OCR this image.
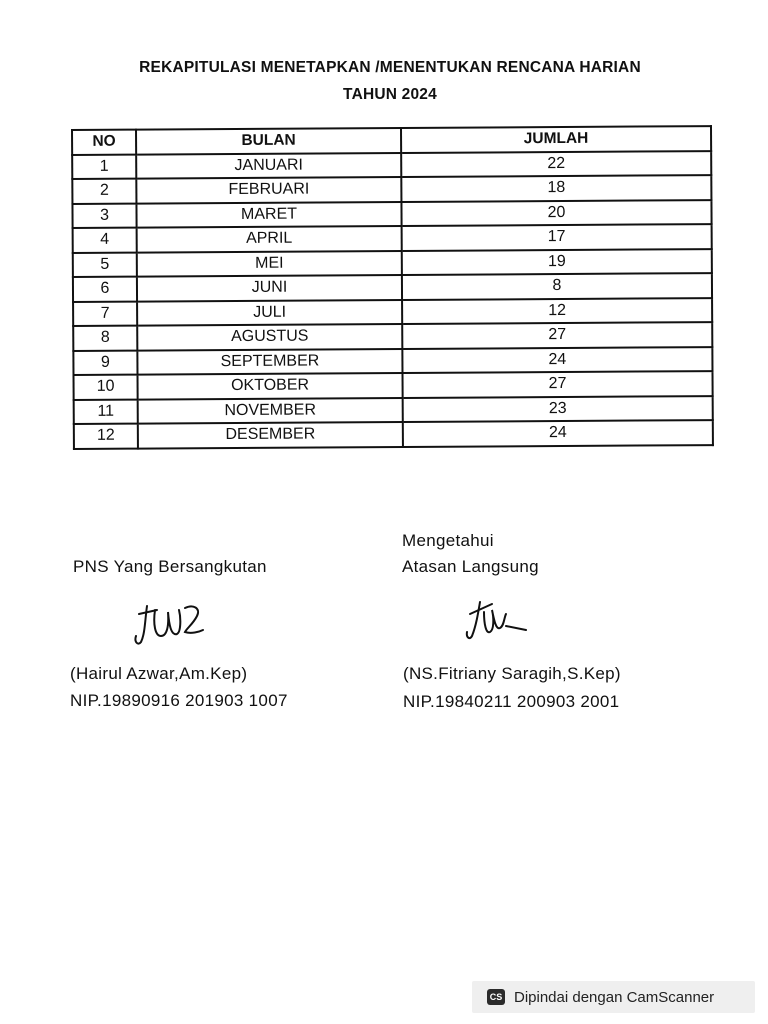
REKAPITULASI MENETAPKAN /MENENTUKAN RENCANA HARIAN
TAHUN 2024
NO	BULAN	JUMLAH
1	JANUARI	22
2	FEBRUARI	18
3	MARET	20
4	APRIL	17
5	MEI	19
6	JUNI	8
7	JULI	12
8	AGUSTUS	27
9	SEPTEMBER	24
10	OKTOBER	27
11	NOVEMBER	23
12	DESEMBER	24
PNS Yang Bersangkutan
(Hairul Azwar,Am.Kep)
NIP.19890916 201903 1007
Mengetahui
Atasan Langsung
(NS.Fitriany Saragih,S.Kep)
NIP.19840211 200903 2001
CS Dipindai dengan CamScanner
